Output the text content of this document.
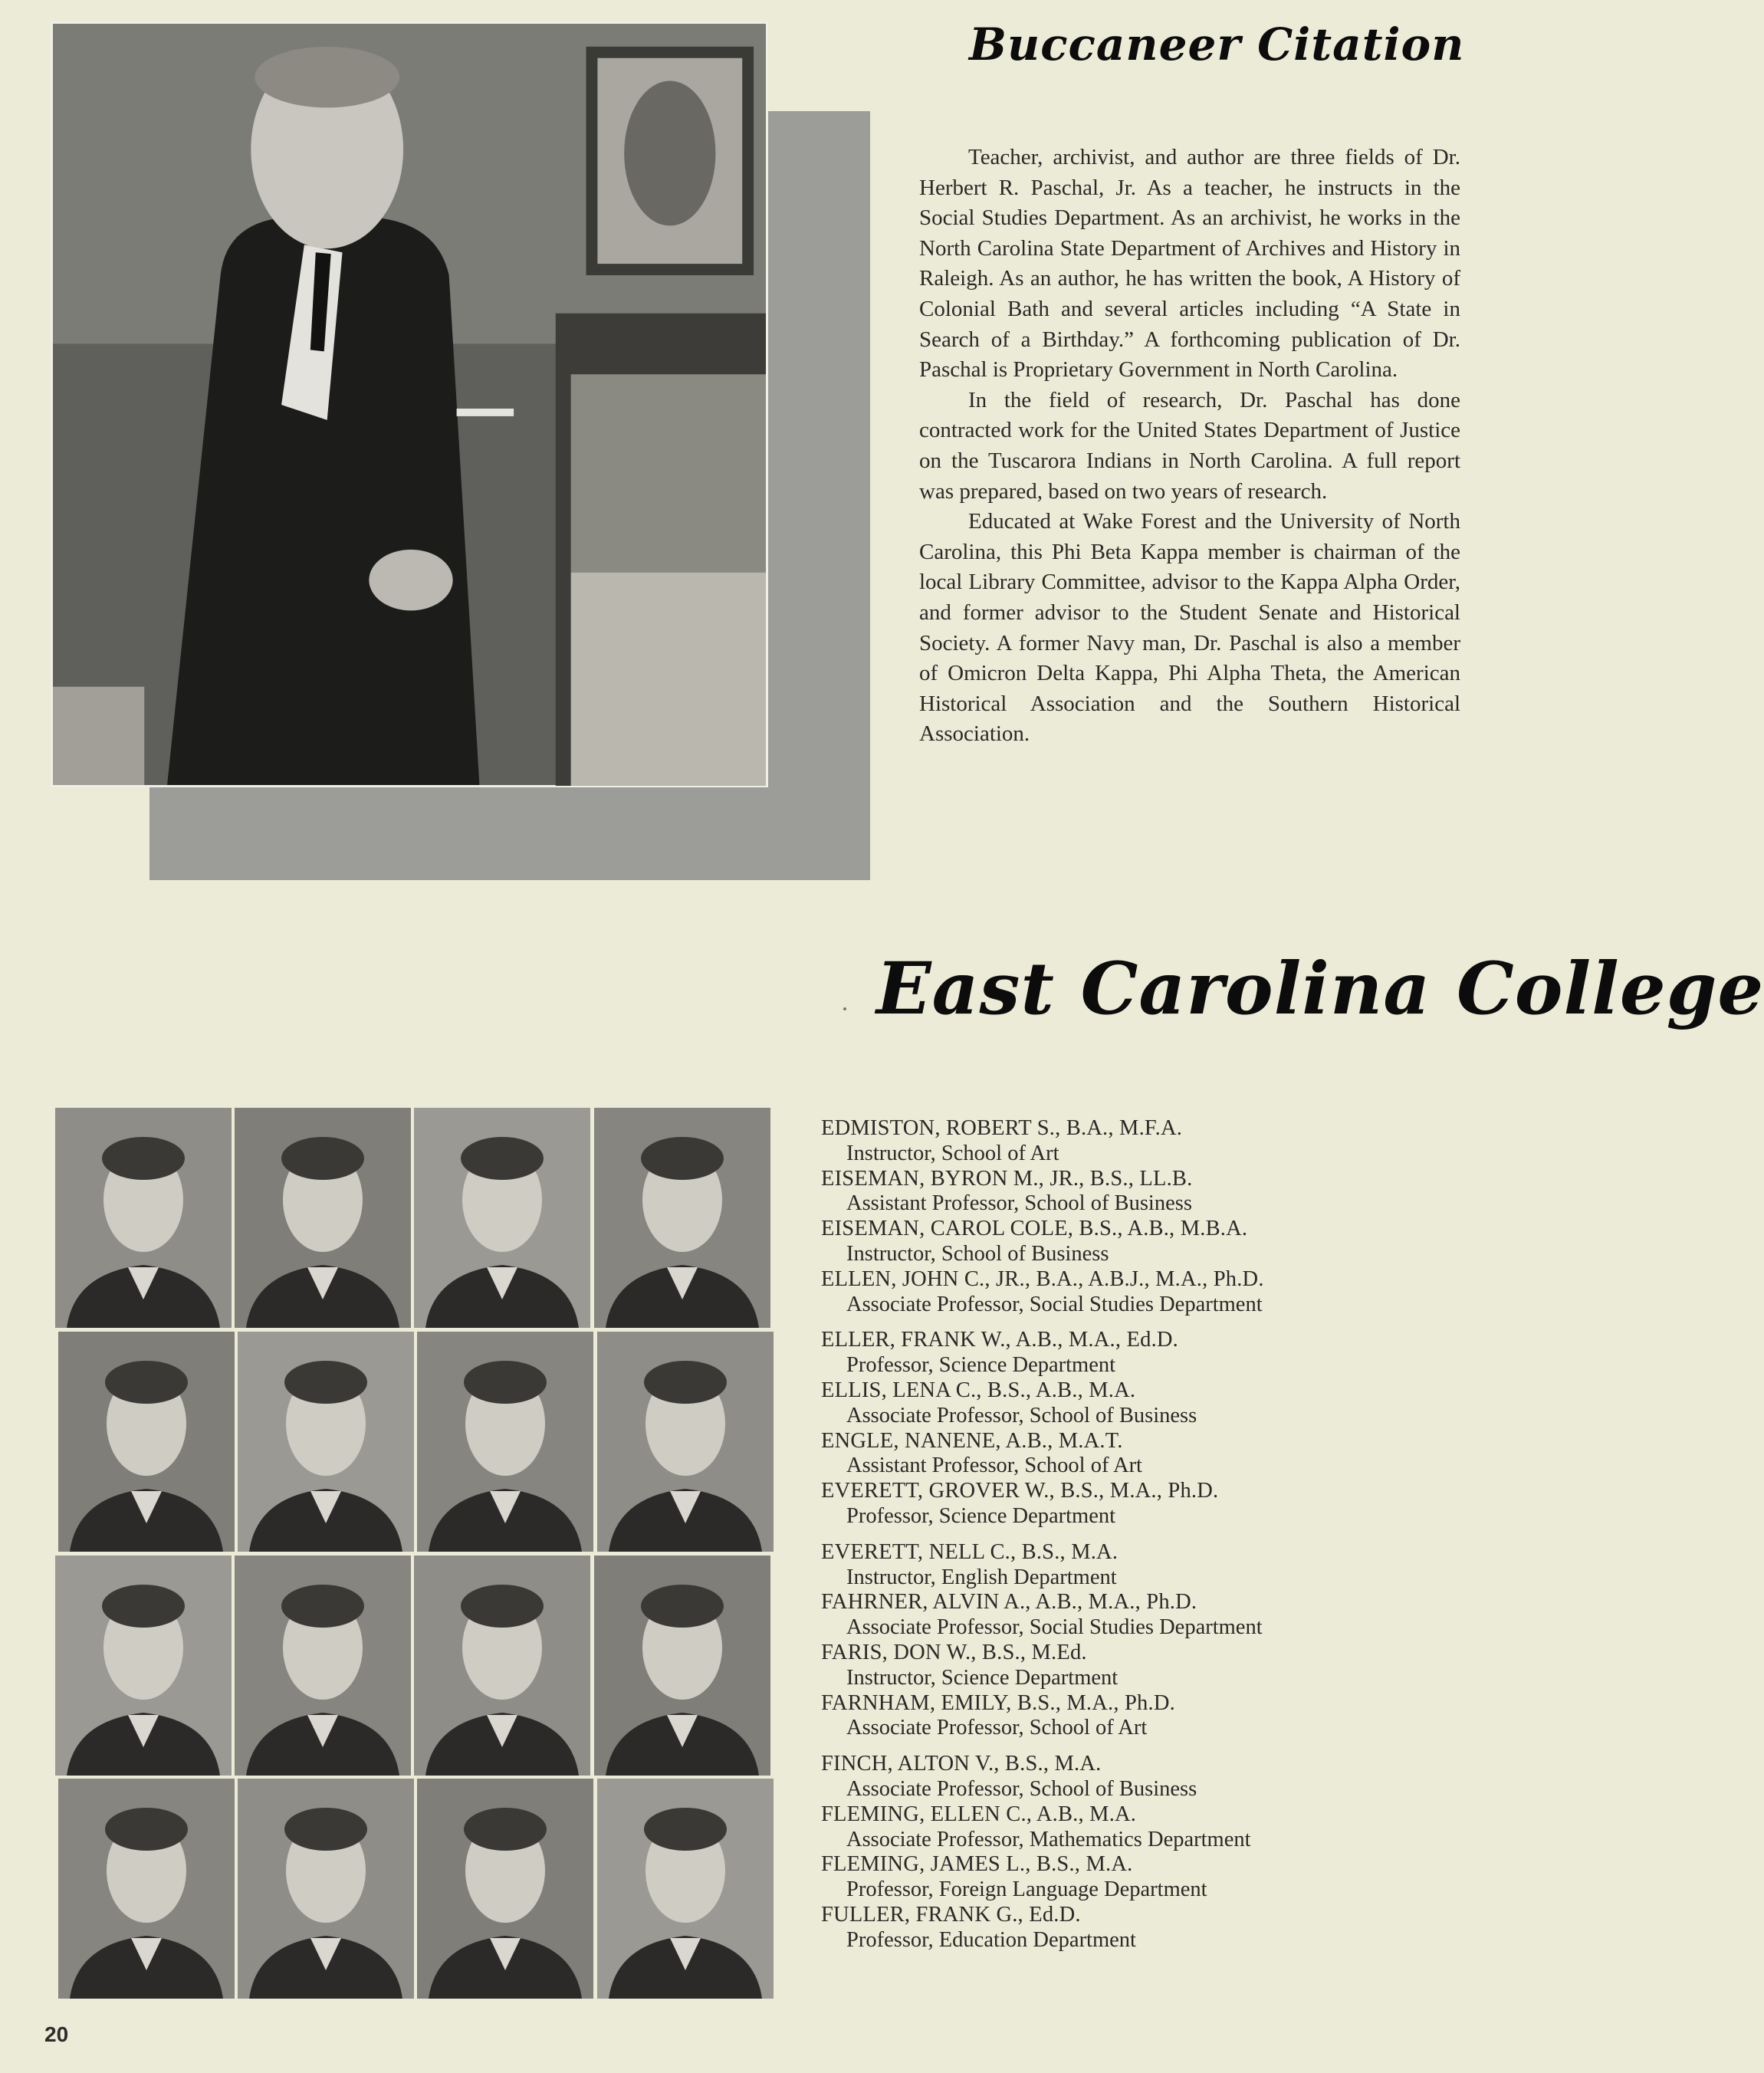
Buccaneer Citation

Teacher, archivist, and author are three fields of Dr. Herbert R. Paschal, Jr. As a teacher, he instructs in the Social Studies Department. As an archivist, he works in the North Carolina State Department of Archives and History in Raleigh. As an author, he has written the book, A History of Colonial Bath and several articles including “A State in Search of a Birthday.” A forthcoming publication of Dr. Paschal is Proprietary Government in North Carolina.

In the field of research, Dr. Paschal has done contracted work for the United States Department of Justice on the Tuscarora Indians in North Carolina. A full report was prepared, based on two years of research.

Educated at Wake Forest and the University of North Carolina, this Phi Beta Kappa member is chairman of the local Library Committee, advisor to the Kappa Alpha Order, and former advisor to the Student Senate and Historical Society. A former Navy man, Dr. Paschal is also a member of Omicron Delta Kappa, Phi Alpha Theta, the American Historical Association and the Southern Historical Association.

East Carolina College
EDMISTON, ROBERT S., B.A., M.F.A.
Instructor, School of Art
EISEMAN, BYRON M., JR., B.S., LL.B.
Assistant Professor, School of Business
EISEMAN, CAROL COLE, B.S., A.B., M.B.A.
Instructor, School of Business
ELLEN, JOHN C., JR., B.A., A.B.J., M.A., Ph.D.
Associate Professor, Social Studies Department
ELLER, FRANK W., A.B., M.A., Ed.D.
Professor, Science Department
ELLIS, LENA C., B.S., A.B., M.A.
Associate Professor, School of Business
ENGLE, NANENE, A.B., M.A.T.
Assistant Professor, School of Art
EVERETT, GROVER W., B.S., M.A., Ph.D.
Professor, Science Department
EVERETT, NELL C., B.S., M.A.
Instructor, English Department
FAHRNER, ALVIN A., A.B., M.A., Ph.D.
Associate Professor, Social Studies Department
FARIS, DON W., B.S., M.Ed.
Instructor, Science Department
FARNHAM, EMILY, B.S., M.A., Ph.D.
Associate Professor, School of Art
FINCH, ALTON V., B.S., M.A.
Associate Professor, School of Business
FLEMING, ELLEN C., A.B., M.A.
Associate Professor, Mathematics Department
FLEMING, JAMES L., B.S., M.A.
Professor, Foreign Language Department
FULLER, FRANK G., Ed.D.
Professor, Education Department

20
